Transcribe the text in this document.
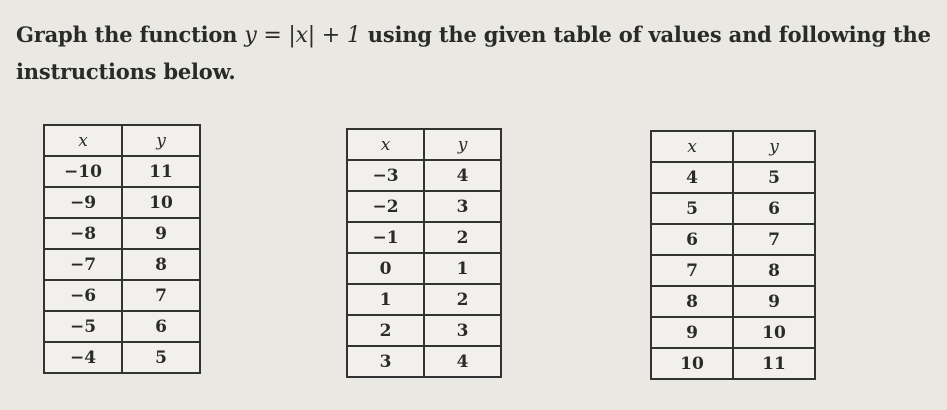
Graph the function y = |x| + 1 using the given table of values and following the instructions below.
x	y
−10	11
−9	10
−8	9
−7	8
−6	7
−5	6
−4	5
x	y
−3	4
−2	3
−1	2
0	1
1	2
2	3
3	4
x	y
4	5
5	6
6	7
7	8
8	9
9	10
10	11
